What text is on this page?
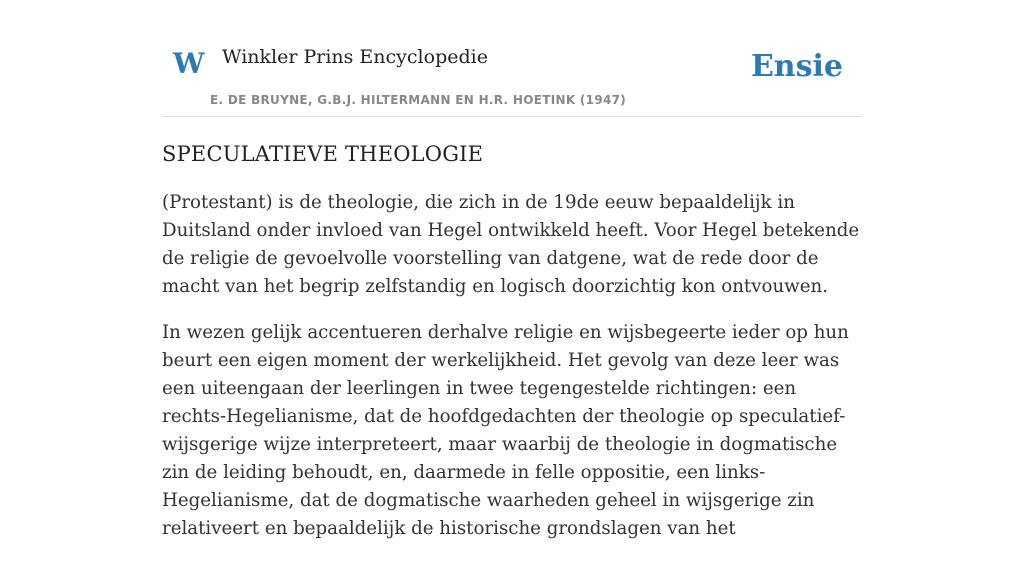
W Winkler Prins Encyclopedie
E. DE BRUYNE, G.B.J. HILTERMANN EN H.R. HOETINK (1947)
Ensie
SPECULATIEVE THEOLOGIE

(Protestant) is de theologie, die zich in de 19de eeuw bepaaldelijk in Duitsland onder invloed van Hegel ontwikkeld heeft. Voor Hegel betekende de religie de gevoelvolle voorstelling van datgene, wat de rede door de macht van het begrip zelfstandig en logisch doorzichtig kon ontvouwen.

In wezen gelijk accentueren derhalve religie en wijsbegeerte ieder op hun beurt een eigen moment der werkelijkheid. Het gevolg van deze leer was een uiteengaan der leerlingen in twee tegengestelde richtingen: een rechts-Hegelianisme, dat de hoofdgedachten der theologie op speculatief-wijsgerige wijze interpreteert, maar waarbij de theologie in dogmatische zin de leiding behoudt, en, daarmede in felle oppositie, een links-Hegelianisme, dat de dogmatische waarheden geheel in wijsgerige zin relativeert en bepaaldelijk de historische grondslagen van het
